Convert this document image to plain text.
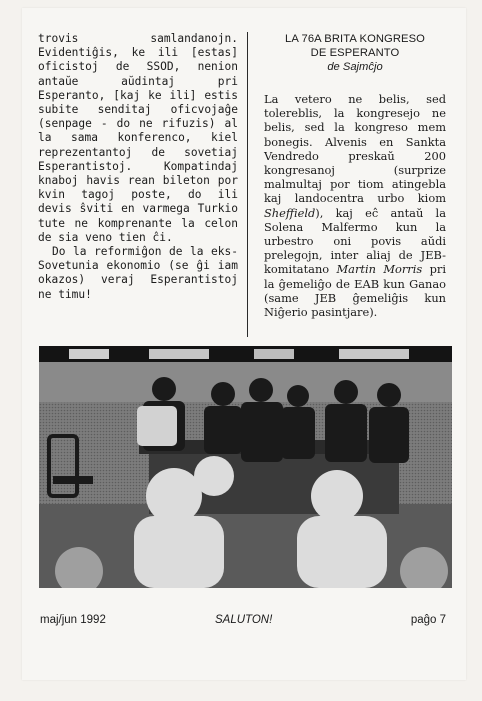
trovis samlandanojn. Evidentiĝis, ke ili [estas] oficistoj de SSOD, nenion antaŭe aŭdintaj pri Esperanto, [kaj ke ili] estis subite senditaj oficvojaĝe (senpage - do ne rifuzis) al la sama konferenco, kiel reprezentantoj de sovetiaj Esperantistoj. Kompatindaj knaboj havis rean bileton por kvin tagoj poste, do ili devis ŝviti en varmega Turkio tute ne komprenante la celon de sia veno tien ĉi.

Do la reformiĝon de la eks-Sovetunia ekonomio (se ĝi iam okazos) veraj Esperantistoj ne timu!

LA 76A BRITA KONGRESO

DE ESPERANTO

de Sajmĉjo

La vetero ne belis, sed tolereblis, la kongresejo ne belis, sed la kongreso mem bonegis. Alvenis en Sankta Vendredo preskaŭ 200 kongresanoj (surprize malmultaj por tiom atingebla kaj landocentra urbo kiom Sheffield), kaj eĉ antaŭ la Solena Malfermo kun la urbestro oni povis aŭdi prelegojn, inter aliaj de JEB-komitatano Martin Morris pri la ĝemeliĝo de EAB kun Ganao (same JEB ĝemeliĝis kun Niĝerio pasintjare).

maj/jun 1992	SALUTON!	paĝo 7
